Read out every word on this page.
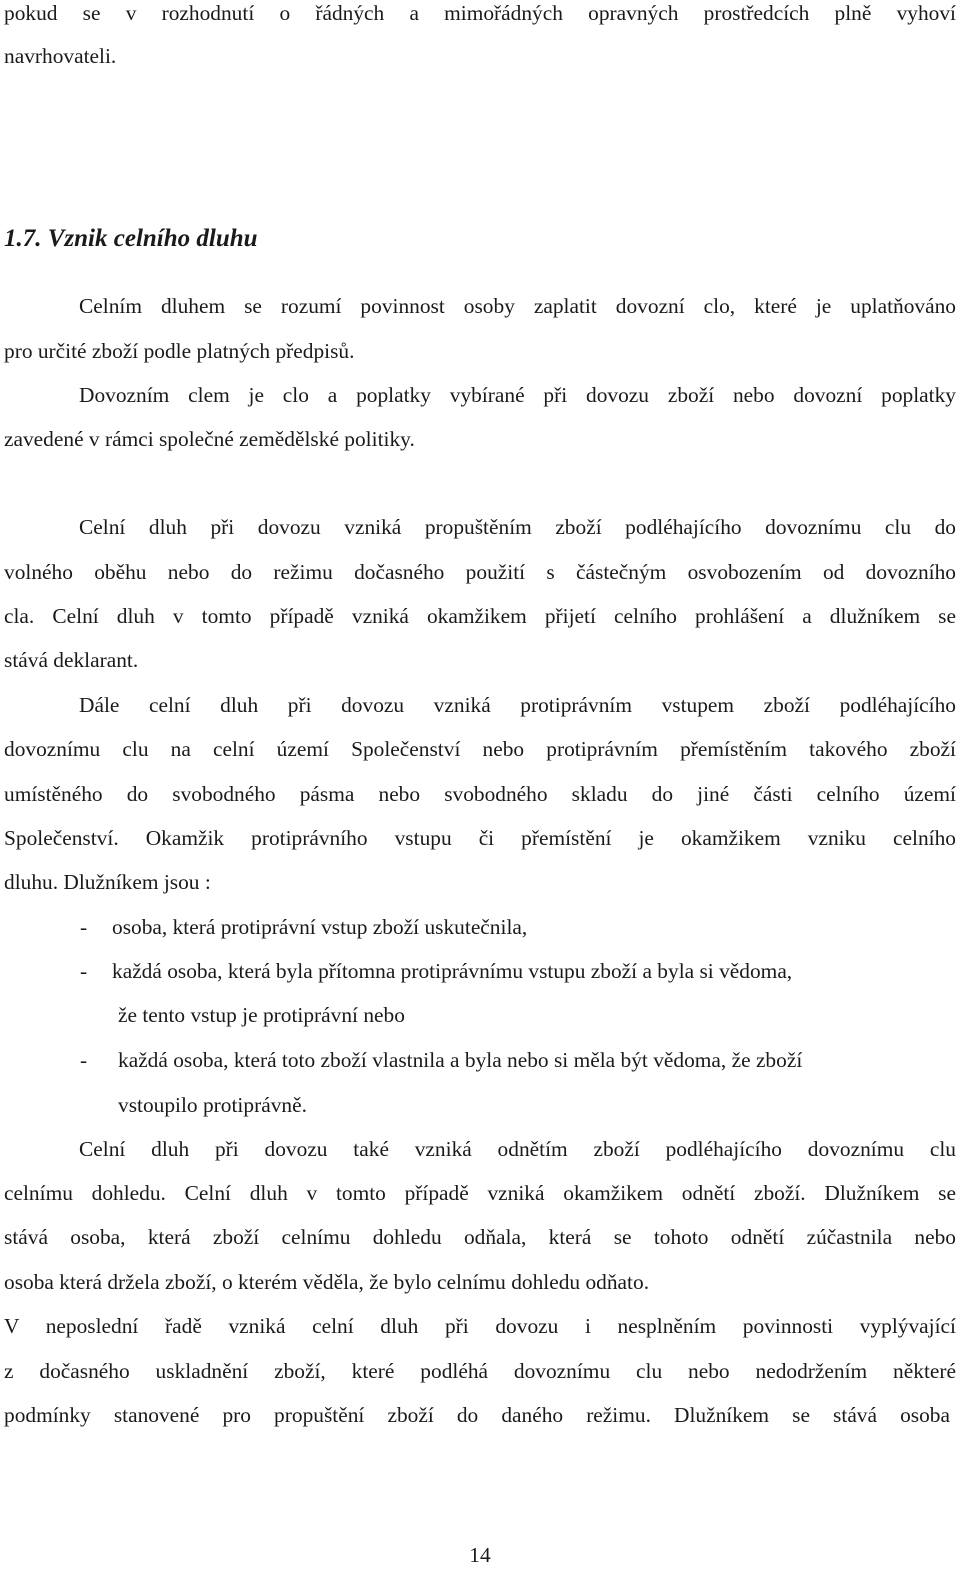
pokud se v rozhodnutí o řádných a mimořádných opravných prostředcích plně vyhoví
navrhovateli.
1.7. Vznik celního dluhu
Celním dluhem se rozumí povinnost osoby zaplatit dovozní clo, které je uplatňováno
pro určité zboží podle platných předpisů.
Dovozním clem je clo a poplatky vybírané při dovozu zboží nebo dovozní poplatky
zavedené v rámci společné zemědělské politiky.
Celní dluh při dovozu vzniká propuštěním zboží podléhajícího dovoznímu clu do
volného oběhu nebo do režimu dočasného použití s částečným osvobozením od dovozního
cla. Celní dluh v tomto případě vzniká okamžikem přijetí celního prohlášení a dlužníkem se
stává deklarant.
Dále celní dluh při dovozu vzniká protiprávním vstupem zboží podléhajícího
dovoznímu clu na celní území Společenství nebo protiprávním přemístěním takového zboží
umístěného do svobodného pásma nebo svobodného skladu do jiné části celního území
Společenství. Okamžik protiprávního vstupu či přemístění je okamžikem vzniku celního
dluhu. Dlužníkem jsou :
- osoba, která protiprávní vstup zboží uskutečnila,
- každá osoba, která byla přítomna protiprávnímu vstupu zboží a byla si vědoma,
že tento vstup je protiprávní nebo
- každá osoba, která toto zboží vlastnila a byla nebo si měla být vědoma, že zboží
vstoupilo protiprávně.
Celní dluh při dovozu také vzniká odnětím zboží podléhajícího dovoznímu clu
celnímu dohledu. Celní dluh v tomto případě vzniká okamžikem odnětí zboží. Dlužníkem se
stává osoba, která zboží celnímu dohledu odňala, která se tohoto odnětí zúčastnila nebo
osoba která držela zboží, o kterém věděla, že bylo celnímu dohledu odňato.
V neposlední řadě vzniká celní dluh při dovozu i nesplněním povinnosti vyplývající
z dočasného uskladnění zboží, které podléhá dovoznímu clu nebo nedodržením některé
podmínky stanovené pro propuštění zboží do daného režimu. Dlužníkem se stává osoba
14
